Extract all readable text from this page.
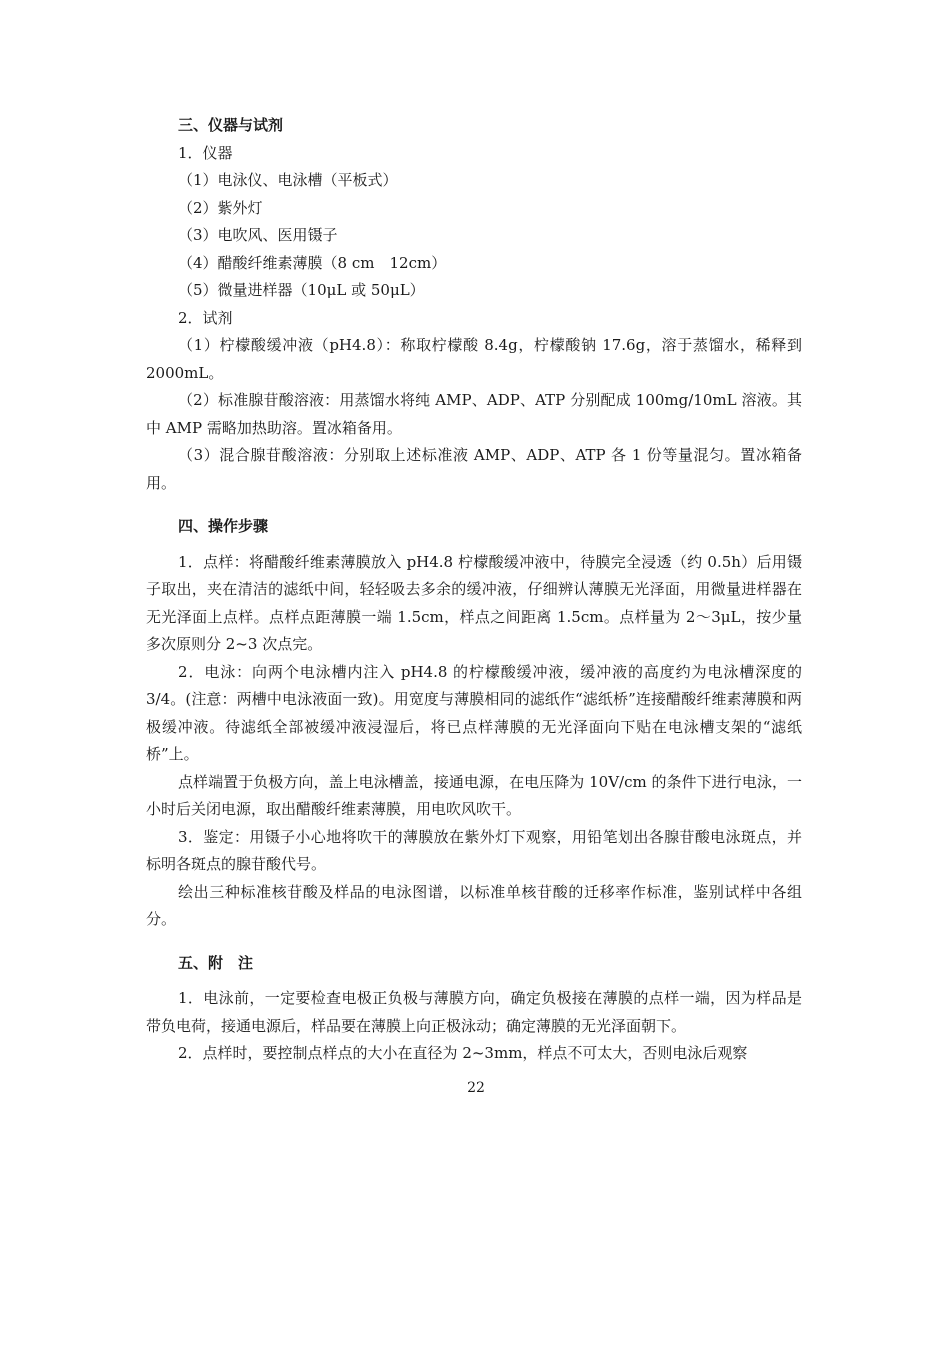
三、仪器与试剂

1．仪器

（1）电泳仪、电泳槽（平板式）

（2）紫外灯

（3）电吹风、医用镊子

（4）醋酸纤维素薄膜（8 cm　12cm）

（5）微量进样器（10μL 或 50μL）

2．试剂

（1）柠檬酸缓冲液（pH4.8）：称取柠檬酸 8.4g，柠檬酸钠 17.6g，溶于蒸馏水，稀释到 2000mL。

（2）标准腺苷酸溶液：用蒸馏水将纯 AMP、ADP、ATP 分别配成 100mg/10mL 溶液。其中 AMP 需略加热助溶。置冰箱备用。

（3）混合腺苷酸溶液：分别取上述标准液 AMP、ADP、ATP 各 1 份等量混匀。置冰箱备用。

四、操作步骤

1．点样：将醋酸纤维素薄膜放入 pH4.8 柠檬酸缓冲液中，待膜完全浸透（约 0.5h）后用镊子取出，夹在清洁的滤纸中间，轻轻吸去多余的缓冲液，仔细辨认薄膜无光泽面，用微量进样器在无光泽面上点样。点样点距薄膜一端 1.5cm，样点之间距离 1.5cm。点样量为 2～3μL，按少量多次原则分 2~3 次点完。

2．电泳：向两个电泳槽内注入 pH4.8 的柠檬酸缓冲液，缓冲液的高度约为电泳槽深度的 3/4。(注意：两槽中电泳液面一致)。用宽度与薄膜相同的滤纸作“滤纸桥”连接醋酸纤维素薄膜和两极缓冲液。待滤纸全部被缓冲液浸湿后，将已点样薄膜的无光泽面向下贴在电泳槽支架的“滤纸桥”上。

点样端置于负极方向，盖上电泳槽盖，接通电源，在电压降为 10V/cm 的条件下进行电泳，一小时后关闭电源，取出醋酸纤维素薄膜，用电吹风吹干。

3．鉴定：用镊子小心地将吹干的薄膜放在紫外灯下观察，用铅笔划出各腺苷酸电泳斑点，并标明各斑点的腺苷酸代号。

绘出三种标准核苷酸及样品的电泳图谱，以标准单核苷酸的迁移率作标准，鉴别试样中各组分。

五、附　注

1．电泳前，一定要检查电极正负极与薄膜方向，确定负极接在薄膜的点样一端，因为样品是带负电荷，接通电源后，样品要在薄膜上向正极泳动；确定薄膜的无光泽面朝下。

2．点样时，要控制点样点的大小在直径为 2~3mm，样点不可太大，否则电泳后观察

22
